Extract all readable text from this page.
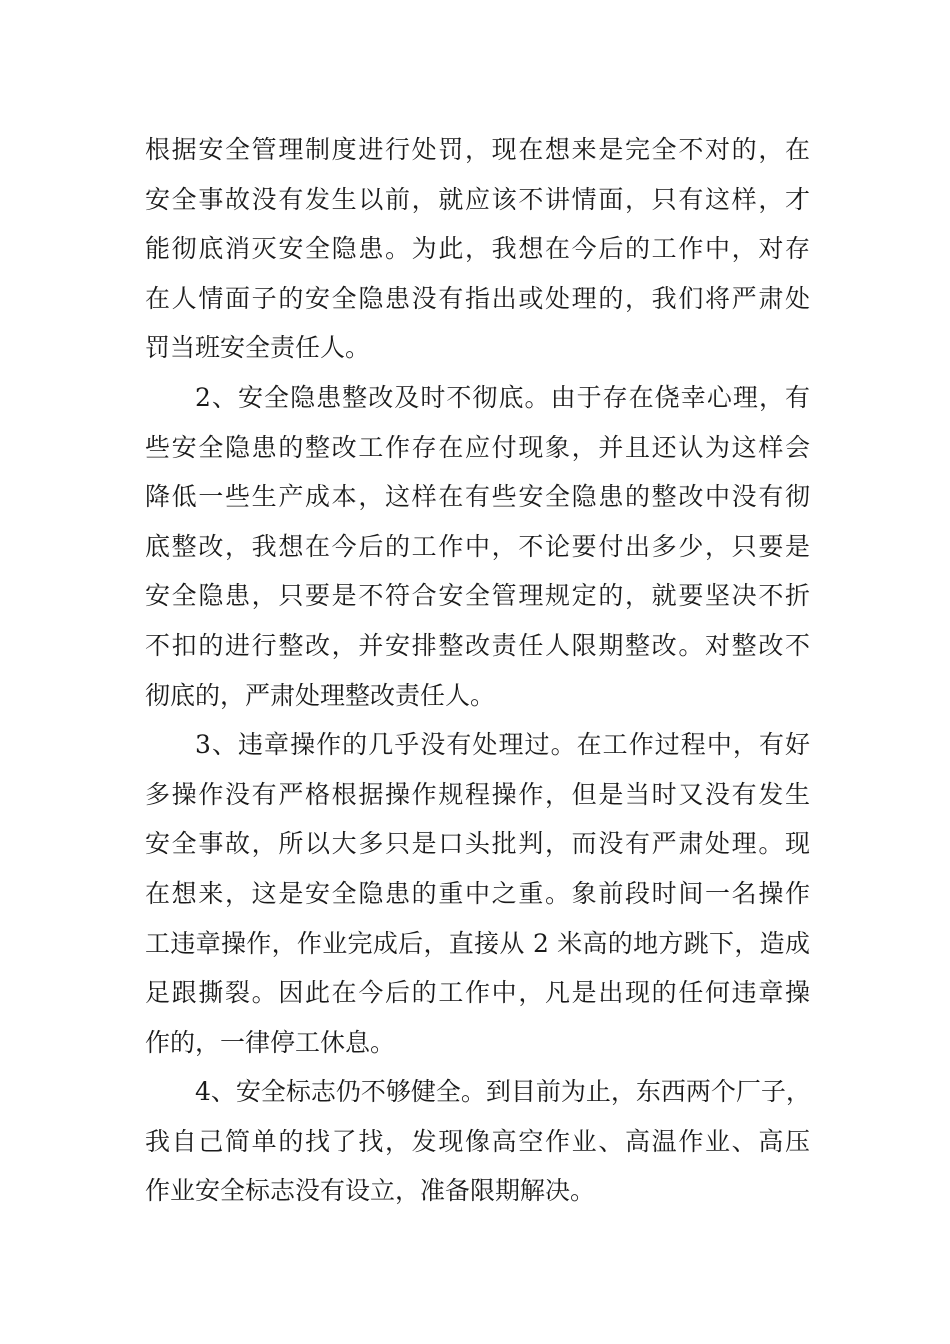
根据安全管理制度进行处罚，现在想来是完全不对的，在
安全事故没有发生以前，就应该不讲情面，只有这样，才
能彻底消灭安全隐患。为此，我想在今后的工作中，对存
在人情面子的安全隐患没有指出或处理的，我们将严肃处
罚当班安全责任人。
2、安全隐患整改及时不彻底。由于存在侥幸心理，有
些安全隐患的整改工作存在应付现象，并且还认为这样会
降低一些生产成本，这样在有些安全隐患的整改中没有彻
底整改，我想在今后的工作中，不论要付出多少，只要是
安全隐患，只要是不符合安全管理规定的，就要坚决不折
不扣的进行整改，并安排整改责任人限期整改。对整改不
彻底的，严肃处理整改责任人。
3、违章操作的几乎没有处理过。在工作过程中，有好
多操作没有严格根据操作规程操作，但是当时又没有发生
安全事故，所以大多只是口头批判，而没有严肃处理。现
在想来，这是安全隐患的重中之重。象前段时间一名操作
工违章操作，作业完成后，直接从 2 米高的地方跳下，造成
足跟撕裂。因此在今后的工作中，凡是出现的任何违章操
作的，一律停工休息。
4、安全标志仍不够健全。到目前为止，东西两个厂子，
我自己简单的找了找，发现像高空作业、高温作业、高压
作业安全标志没有设立，准备限期解决。
